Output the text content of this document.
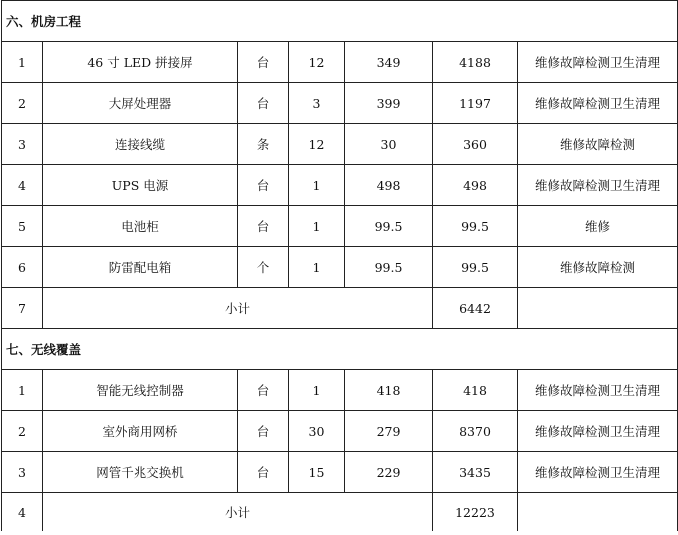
六、机房工程						
1	46 寸 LED 拼接屏	台	12	349	4188	维修故障检测卫生清理
2	大屏处理器	台	3	399	1197	维修故障检测卫生清理
3	连接线缆	条	12	30	360	维修故障检测
4	UPS 电源	台	1	498	498	维修故障检测卫生清理
5	电池柜	台	1	99.5	99.5	维修
6	防雷配电箱	个	1	99.5	99.5	维修故障检测
7	小计				6442	
七、无线覆盖						
1	智能无线控制器	台	1	418	418	维修故障检测卫生清理
2	室外商用网桥	台	30	279	8370	维修故障检测卫生清理
3	网管千兆交换机	台	15	229	3435	维修故障检测卫生清理
4	小计				12223	
